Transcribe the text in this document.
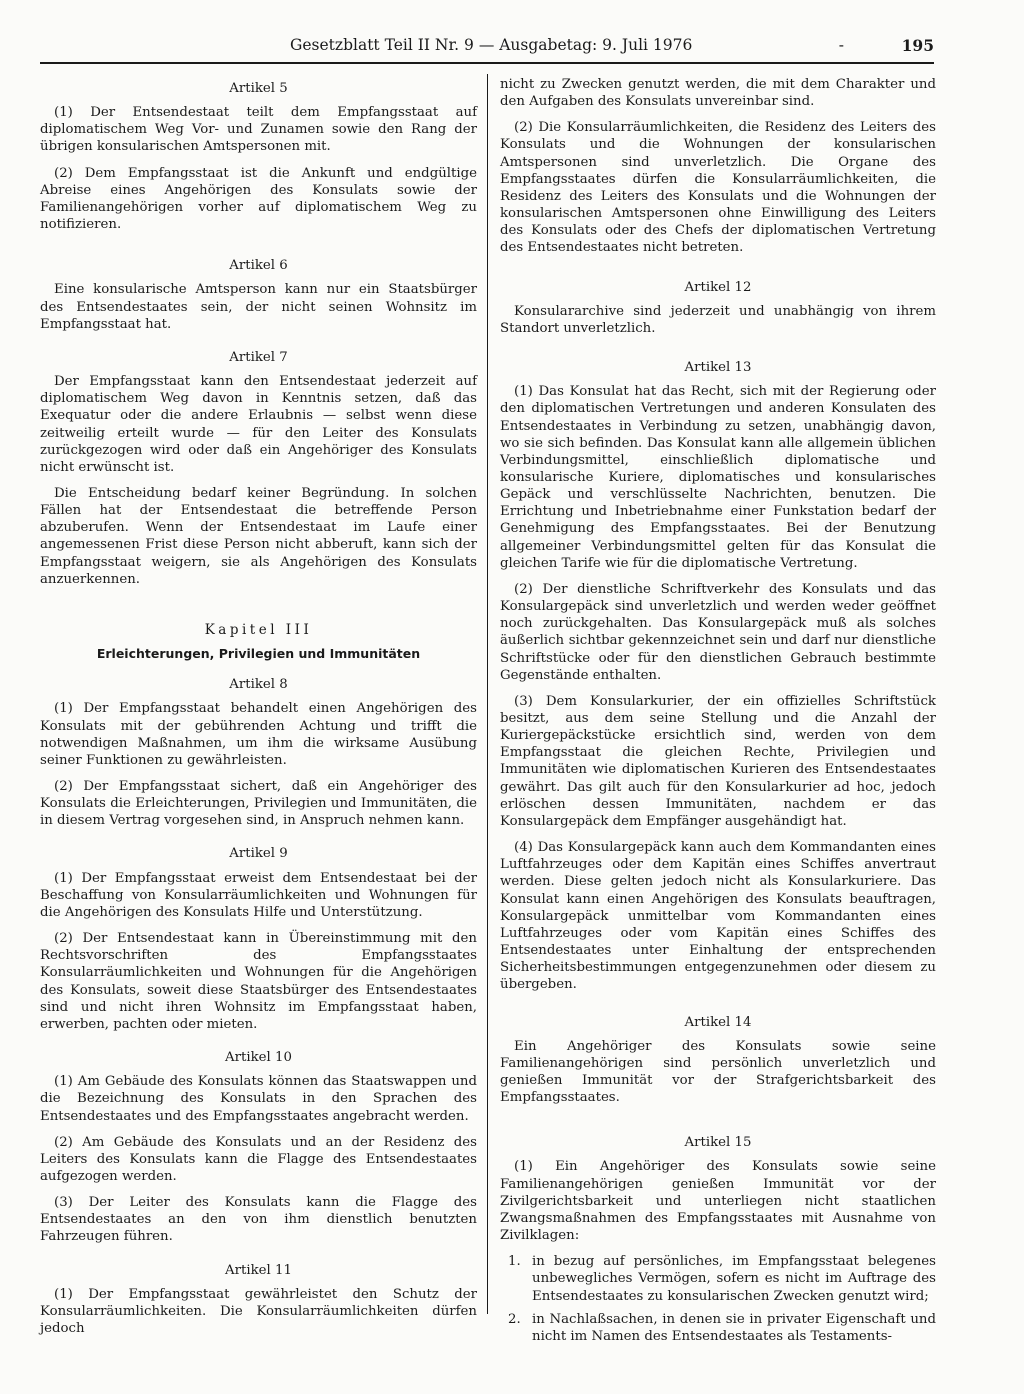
Gesetzblatt Teil II Nr. 9 — Ausgabetag: 9. Juli 1976	-	195
Artikel 5

(1) Der Entsendestaat teilt dem Empfangsstaat auf diplomatischem Weg Vor- und Zunamen sowie den Rang der übrigen konsularischen Amtspersonen mit.

(2) Dem Empfangsstaat ist die Ankunft und endgültige Abreise eines Angehörigen des Konsulats sowie der Familienangehörigen vorher auf diplomatischem Weg zu notifizieren.

Artikel 6

Eine konsularische Amtsperson kann nur ein Staatsbürger des Entsendestaates sein, der nicht seinen Wohnsitz im Empfangsstaat hat.

Artikel 7

Der Empfangsstaat kann den Entsendestaat jederzeit auf diplomatischem Weg davon in Kenntnis setzen, daß das Exequatur oder die andere Erlaubnis — selbst wenn diese zeitweilig erteilt wurde — für den Leiter des Konsulats zurückgezogen wird oder daß ein Angehöriger des Konsulats nicht erwünscht ist.

Die Entscheidung bedarf keiner Begründung. In solchen Fällen hat der Entsendestaat die betreffende Person abzuberufen. Wenn der Entsendestaat im Laufe einer angemessenen Frist diese Person nicht abberuft, kann sich der Empfangsstaat weigern, sie als Angehörigen des Konsulats anzuerkennen.

Kapitel III
Erleichterungen, Privilegien und Immunitäten
Artikel 8

(1) Der Empfangsstaat behandelt einen Angehörigen des Konsulats mit der gebührenden Achtung und trifft die notwendigen Maßnahmen, um ihm die wirksame Ausübung seiner Funktionen zu gewährleisten.

(2) Der Empfangsstaat sichert, daß ein Angehöriger des Konsulats die Erleichterungen, Privilegien und Immunitäten, die in diesem Vertrag vorgesehen sind, in Anspruch nehmen kann.

Artikel 9

(1) Der Empfangsstaat erweist dem Entsendestaat bei der Beschaffung von Konsularräumlichkeiten und Wohnungen für die Angehörigen des Konsulats Hilfe und Unterstützung.

(2) Der Entsendestaat kann in Übereinstimmung mit den Rechtsvorschriften des Empfangsstaates Konsularräumlichkeiten und Wohnungen für die Angehörigen des Konsulats, soweit diese Staatsbürger des Entsendestaates sind und nicht ihren Wohnsitz im Empfangsstaat haben, erwerben, pachten oder mieten.

Artikel 10

(1) Am Gebäude des Konsulats können das Staatswappen und die Bezeichnung des Konsulats in den Sprachen des Entsendestaates und des Empfangsstaates angebracht werden.

(2) Am Gebäude des Konsulats und an der Residenz des Leiters des Konsulats kann die Flagge des Entsendestaates aufgezogen werden.

(3) Der Leiter des Konsulats kann die Flagge des Entsendestaates an den von ihm dienstlich benutzten Fahrzeugen führen.

Artikel 11

(1) Der Empfangsstaat gewährleistet den Schutz der Konsularräumlichkeiten. Die Konsularräumlichkeiten dürfen jedoch

nicht zu Zwecken genutzt werden, die mit dem Charakter und den Aufgaben des Konsulats unvereinbar sind.

(2) Die Konsularräumlichkeiten, die Residenz des Leiters des Konsulats und die Wohnungen der konsularischen Amtspersonen sind unverletzlich. Die Organe des Empfangsstaates dürfen die Konsularräumlichkeiten, die Residenz des Leiters des Konsulats und die Wohnungen der konsularischen Amtspersonen ohne Einwilligung des Leiters des Konsulats oder des Chefs der diplomatischen Vertretung des Entsendestaates nicht betreten.

Artikel 12

Konsulararchive sind jederzeit und unabhängig von ihrem Standort unverletzlich.

Artikel 13

(1) Das Konsulat hat das Recht, sich mit der Regierung oder den diplomatischen Vertretungen und anderen Konsulaten des Entsendestaates in Verbindung zu setzen, unabhängig davon, wo sie sich befinden. Das Konsulat kann alle allgemein üblichen Verbindungsmittel, einschließlich diplomatische und konsularische Kuriere, diplomatisches und konsularisches Gepäck und verschlüsselte Nachrichten, benutzen. Die Errichtung und Inbetriebnahme einer Funkstation bedarf der Genehmigung des Empfangsstaates. Bei der Benutzung allgemeiner Verbindungsmittel gelten für das Konsulat die gleichen Tarife wie für die diplomatische Vertretung.

(2) Der dienstliche Schriftverkehr des Konsulats und das Konsulargepäck sind unverletzlich und werden weder geöffnet noch zurückgehalten. Das Konsulargepäck muß als solches äußerlich sichtbar gekennzeichnet sein und darf nur dienstliche Schriftstücke oder für den dienstlichen Gebrauch bestimmte Gegenstände enthalten.

(3) Dem Konsularkurier, der ein offizielles Schriftstück besitzt, aus dem seine Stellung und die Anzahl der Kuriergepäckstücke ersichtlich sind, werden von dem Empfangsstaat die gleichen Rechte, Privilegien und Immunitäten wie diplomatischen Kurieren des Entsendestaates gewährt. Das gilt auch für den Konsularkurier ad hoc, jedoch erlöschen dessen Immunitäten, nachdem er das Konsulargepäck dem Empfänger ausgehändigt hat.

(4) Das Konsulargepäck kann auch dem Kommandanten eines Luftfahrzeuges oder dem Kapitän eines Schiffes anvertraut werden. Diese gelten jedoch nicht als Konsularkuriere. Das Konsulat kann einen Angehörigen des Konsulats beauftragen, Konsulargepäck unmittelbar vom Kommandanten eines Luftfahrzeuges oder vom Kapitän eines Schiffes des Entsendestaates unter Einhaltung der entsprechenden Sicherheitsbestimmungen entgegenzunehmen oder diesem zu übergeben.

Artikel 14

Ein Angehöriger des Konsulats sowie seine Familienangehörigen sind persönlich unverletzlich und genießen Immunität vor der Strafgerichtsbarkeit des Empfangsstaates.

Artikel 15

(1) Ein Angehöriger des Konsulats sowie seine Familienangehörigen genießen Immunität vor der Zivilgerichtsbarkeit und unterliegen nicht staatlichen Zwangsmaßnahmen des Empfangsstaates mit Ausnahme von Zivilklagen:

1. in bezug auf persönliches, im Empfangsstaat belegenes unbewegliches Vermögen, sofern es nicht im Auftrage des Entsendestaates zu konsularischen Zwecken genutzt wird;
2. in Nachlaßsachen, in denen sie in privater Eigenschaft und nicht im Namen des Entsendestaates als Testaments-
